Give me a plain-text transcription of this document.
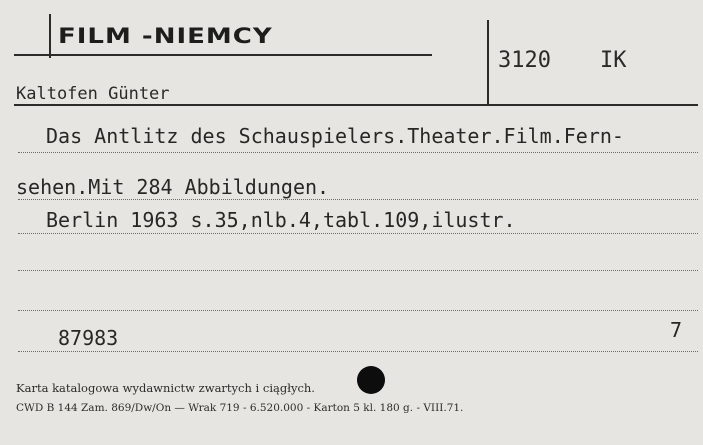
FILM -NIEMCY
3120 IK
Kaltofen Günter
Das Antlitz des Schauspielers.Theater.Film.Fern-
sehen.Mit 284 Abbildungen.
Berlin 1963 s.35,nlb.4,tabl.109,ilustr.
87983	7
Karta katalogowa wydawnictw zwartych i ciągłych.
CWD B 144 Zam. 869/Dw/On — Wrak 719 - 6.520.000 - Karton 5 kl. 180 g. - VIII.71.
